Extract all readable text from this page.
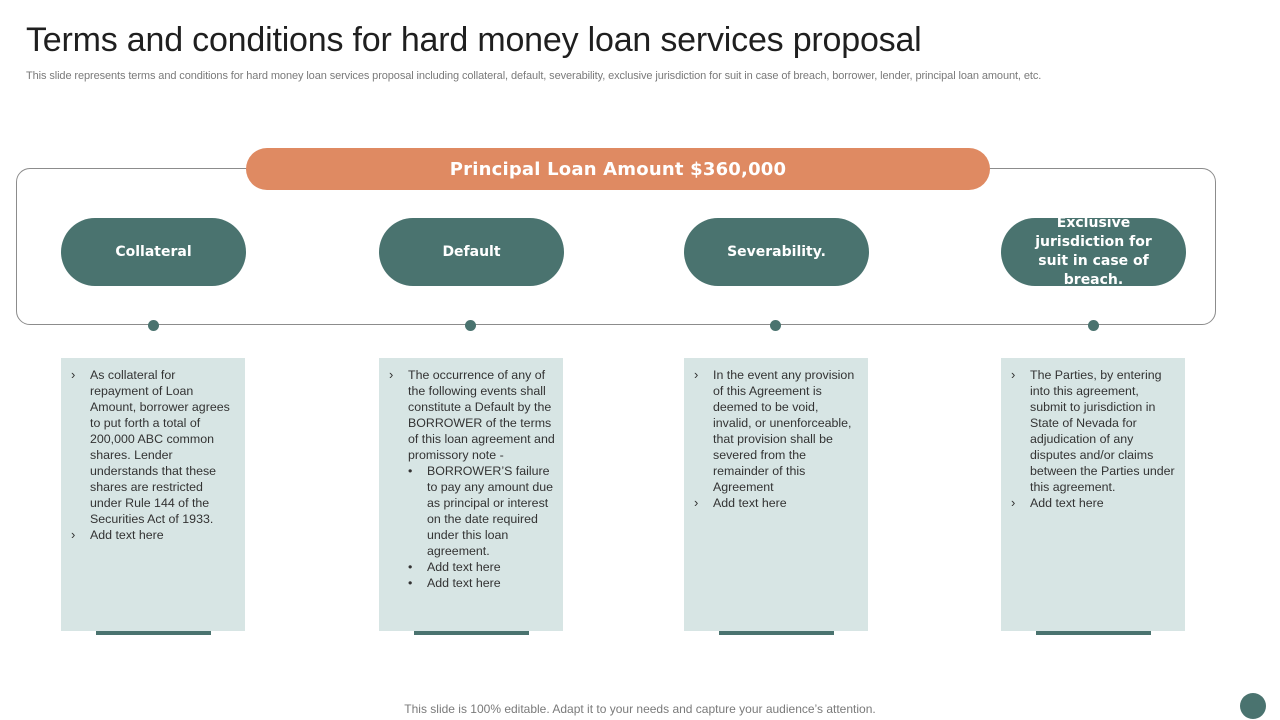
Terms and conditions for hard money loan services proposal

This slide represents terms and conditions for hard money loan services proposal including collateral, default, severability, exclusive jurisdiction for suit in case of breach, borrower, lender, principal loan amount, etc.

Principal Loan Amount $360,000
Collateral
› As collateral for repayment of Loan Amount, borrower agrees to put forth a total of 200,000 ABC common shares. Lender understands that these shares are restricted under Rule 144 of the Securities Act of 1933.
› Add text here
Default
› The occurrence of any of the following events shall constitute a Default by the BORROWER of the terms of this loan agreement and promissory note -
• BORROWER’S failure to pay any amount due as principal or interest on the date required under this loan agreement.
• Add text here
• Add text here
Severability.
› In the event any provision of this Agreement is deemed to be void, invalid, or unenforceable, that provision shall be severed from the remainder of this Agreement
› Add text here
Exclusive jurisdiction for suit in case of breach.
› The Parties, by entering into this agreement, submit to jurisdiction in State of Nevada for adjudication of any disputes and/or claims between the Parties under this agreement.
› Add text here

This slide is 100% editable. Adapt it to your needs and capture your audience’s attention.
